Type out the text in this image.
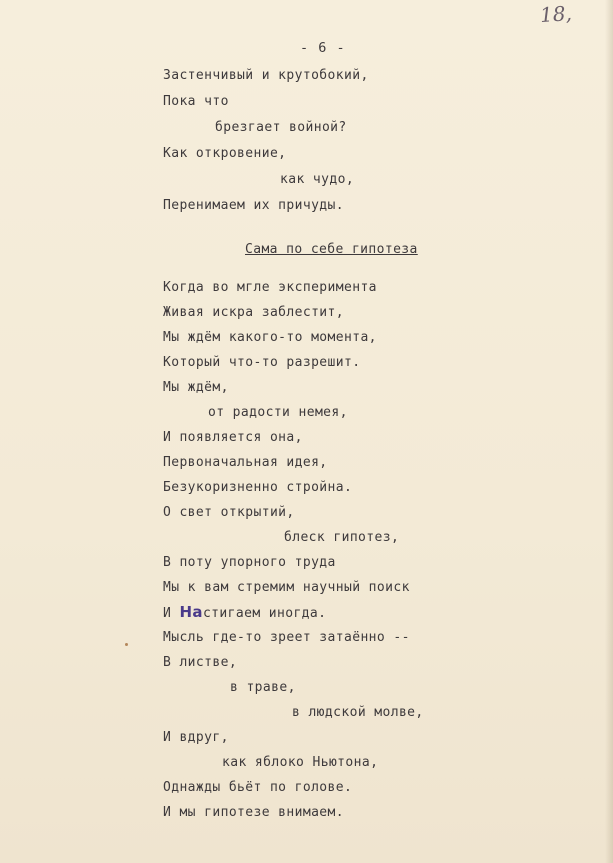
18,
- 6 -
Застенчивый и крутобокий,
Пока что
брезгает войной?
Как откровение,
как чудо,
Перенимаем их причуды.
Сама по себе гипотеза
Когда во мгле эксперимента
Живая искра заблестит,
Мы ждём какого-то момента,
Который что-то разрешит.
Мы ждём,
от радости немея,
И появляется она,
Первоначальная идея,
Безукоризненно стройна.
О свет открытий,
блеск гипотез,
В поту упорного труда
Мы к вам стремим научный поиск
И Настигаем иногда.
Мысль где-то зреет затаённо --
В листве,
в траве,
в людской молве,
И вдруг,
как яблоко Ньютона,
Однажды бьёт по голове.
И мы гипотезе внимаем.
